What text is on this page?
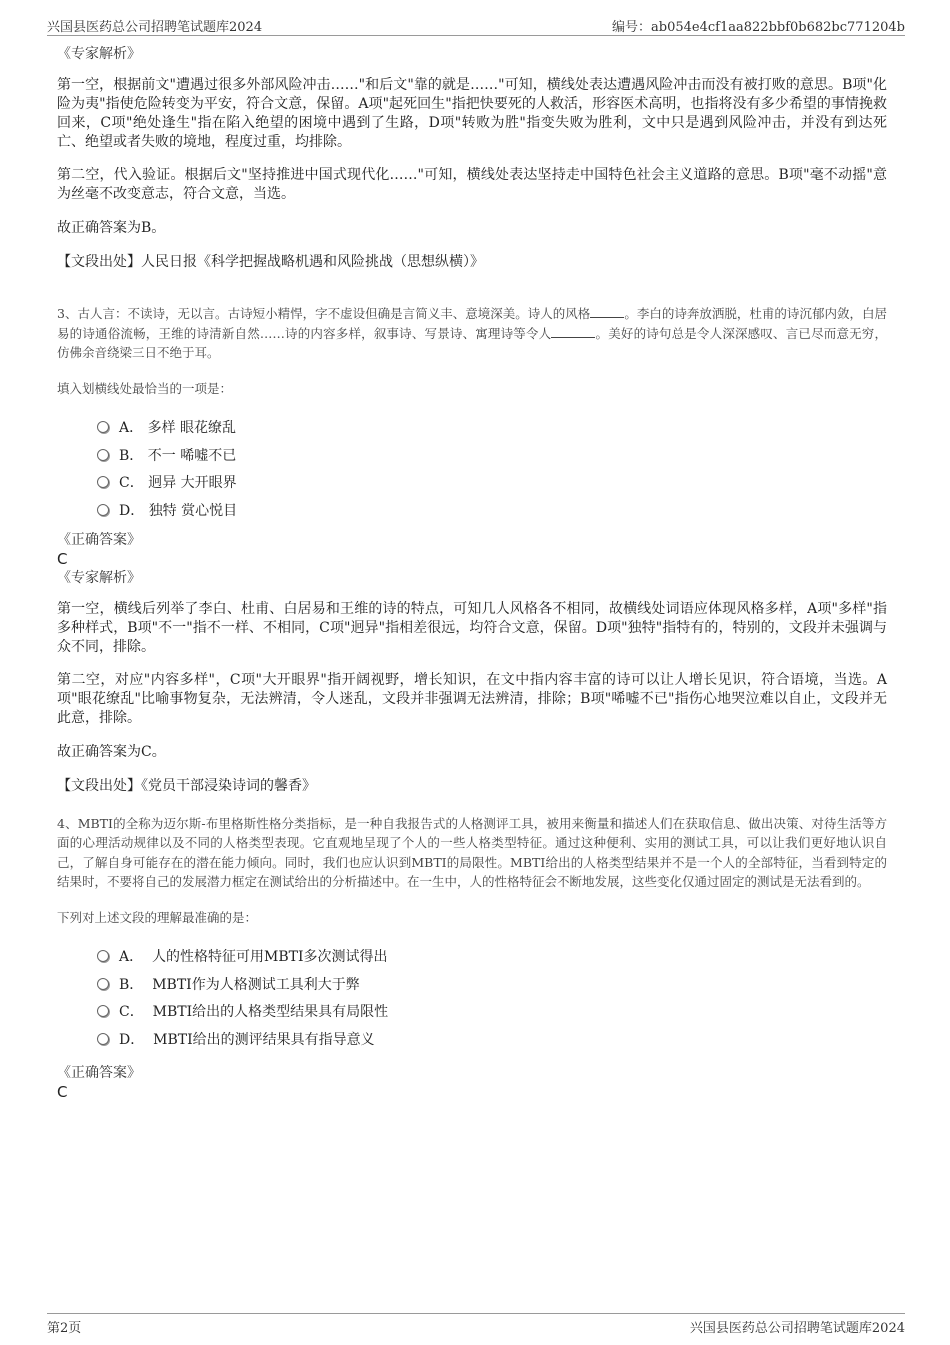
兴国县医药总公司招聘笔试题库2024	编号：ab054e4cf1aa822bbf0b682bc771204b
《专家解析》

第一空，根据前文"遭遇过很多外部风险冲击……"和后文"靠的就是……"可知，横线处表达遭遇风险冲击而没有被打败的意思。B项"化险为夷"指使危险转变为平安，符合文意，保留。A项"起死回生"指把快要死的人救活，形容医术高明，也指将没有多少希望的事情挽救回来，C项"绝处逢生"指在陷入绝望的困境中遇到了生路，D项"转败为胜"指变失败为胜利，文中只是遇到风险冲击，并没有到达死亡、绝望或者失败的境地，程度过重，均排除。

第二空，代入验证。根据后文"坚持推进中国式现代化……"可知，横线处表达坚持走中国特色社会主义道路的意思。B项"毫不动摇"意为丝毫不改变意志，符合文意，当选。

故正确答案为B。

【文段出处】人民日报《科学把握战略机遇和风险挑战（思想纵横）》

3、古人言：不读诗，无以言。古诗短小精悍，字不虚设但确是言简义丰、意境深美。诗人的风格	。李白的诗奔放洒脱，杜甫的诗沉郁内敛，白居易的诗通俗流畅，王维的诗清新自然……诗的内容多样，叙事诗、写景诗、寓理诗等令人	。美好的诗句总是令人深深感叹、言已尽而意无穷，仿佛余音绕梁三日不绝于耳。

填入划横线处最恰当的一项是：
A．
多样 眼花缭乱
B．
不一 唏嘘不已
C．
迥异 大开眼界
D．
独特 赏心悦目
《正确答案》
C
《专家解析》

第一空，横线后列举了李白、杜甫、白居易和王维的诗的特点，可知几人风格各不相同，故横线处词语应体现风格多样，A项"多样"指多种样式，B项"不一"指不一样、不相同，C项"迥异"指相差很远，均符合文意，保留。D项"独特"指特有的，特别的，文段并未强调与众不同，排除。

第二空，对应"内容多样"，C项"大开眼界"指开阔视野，增长知识，在文中指内容丰富的诗可以让人增长见识，符合语境，当选。A项"眼花缭乱"比喻事物复杂，无法辨清，令人迷乱，文段并非强调无法辨清，排除；B项"唏嘘不已"指伤心地哭泣难以自止，文段并无此意，排除。

故正确答案为C。

【文段出处】《党员干部浸染诗词的馨香》

4、MBTI的全称为迈尔斯-布里格斯性格分类指标，是一种自我报告式的人格测评工具，被用来衡量和描述人们在获取信息、做出决策、对待生活等方面的心理活动规律以及不同的人格类型表现。它直观地呈现了个人的一些人格类型特征。通过这种便利、实用的测试工具，可以让我们更好地认识自己，了解自身可能存在的潜在能力倾向。同时，我们也应认识到MBTI的局限性。MBTI给出的人格类型结果并不是一个人的全部特征，当看到特定的结果时，不要将自己的发展潜力框定在测试给出的分析描述中。在一生中，人的性格特征会不断地发展，这些变化仅通过固定的测试是无法看到的。

下列对上述文段的理解最准确的是：
A．
人的性格特征可用MBTI多次测试得出
B．
MBTI作为人格测试工具利大于弊
C．
MBTI给出的人格类型结果具有局限性
D．
MBTI给出的测评结果具有指导意义
《正确答案》
C
第2页	兴国县医药总公司招聘笔试题库2024
